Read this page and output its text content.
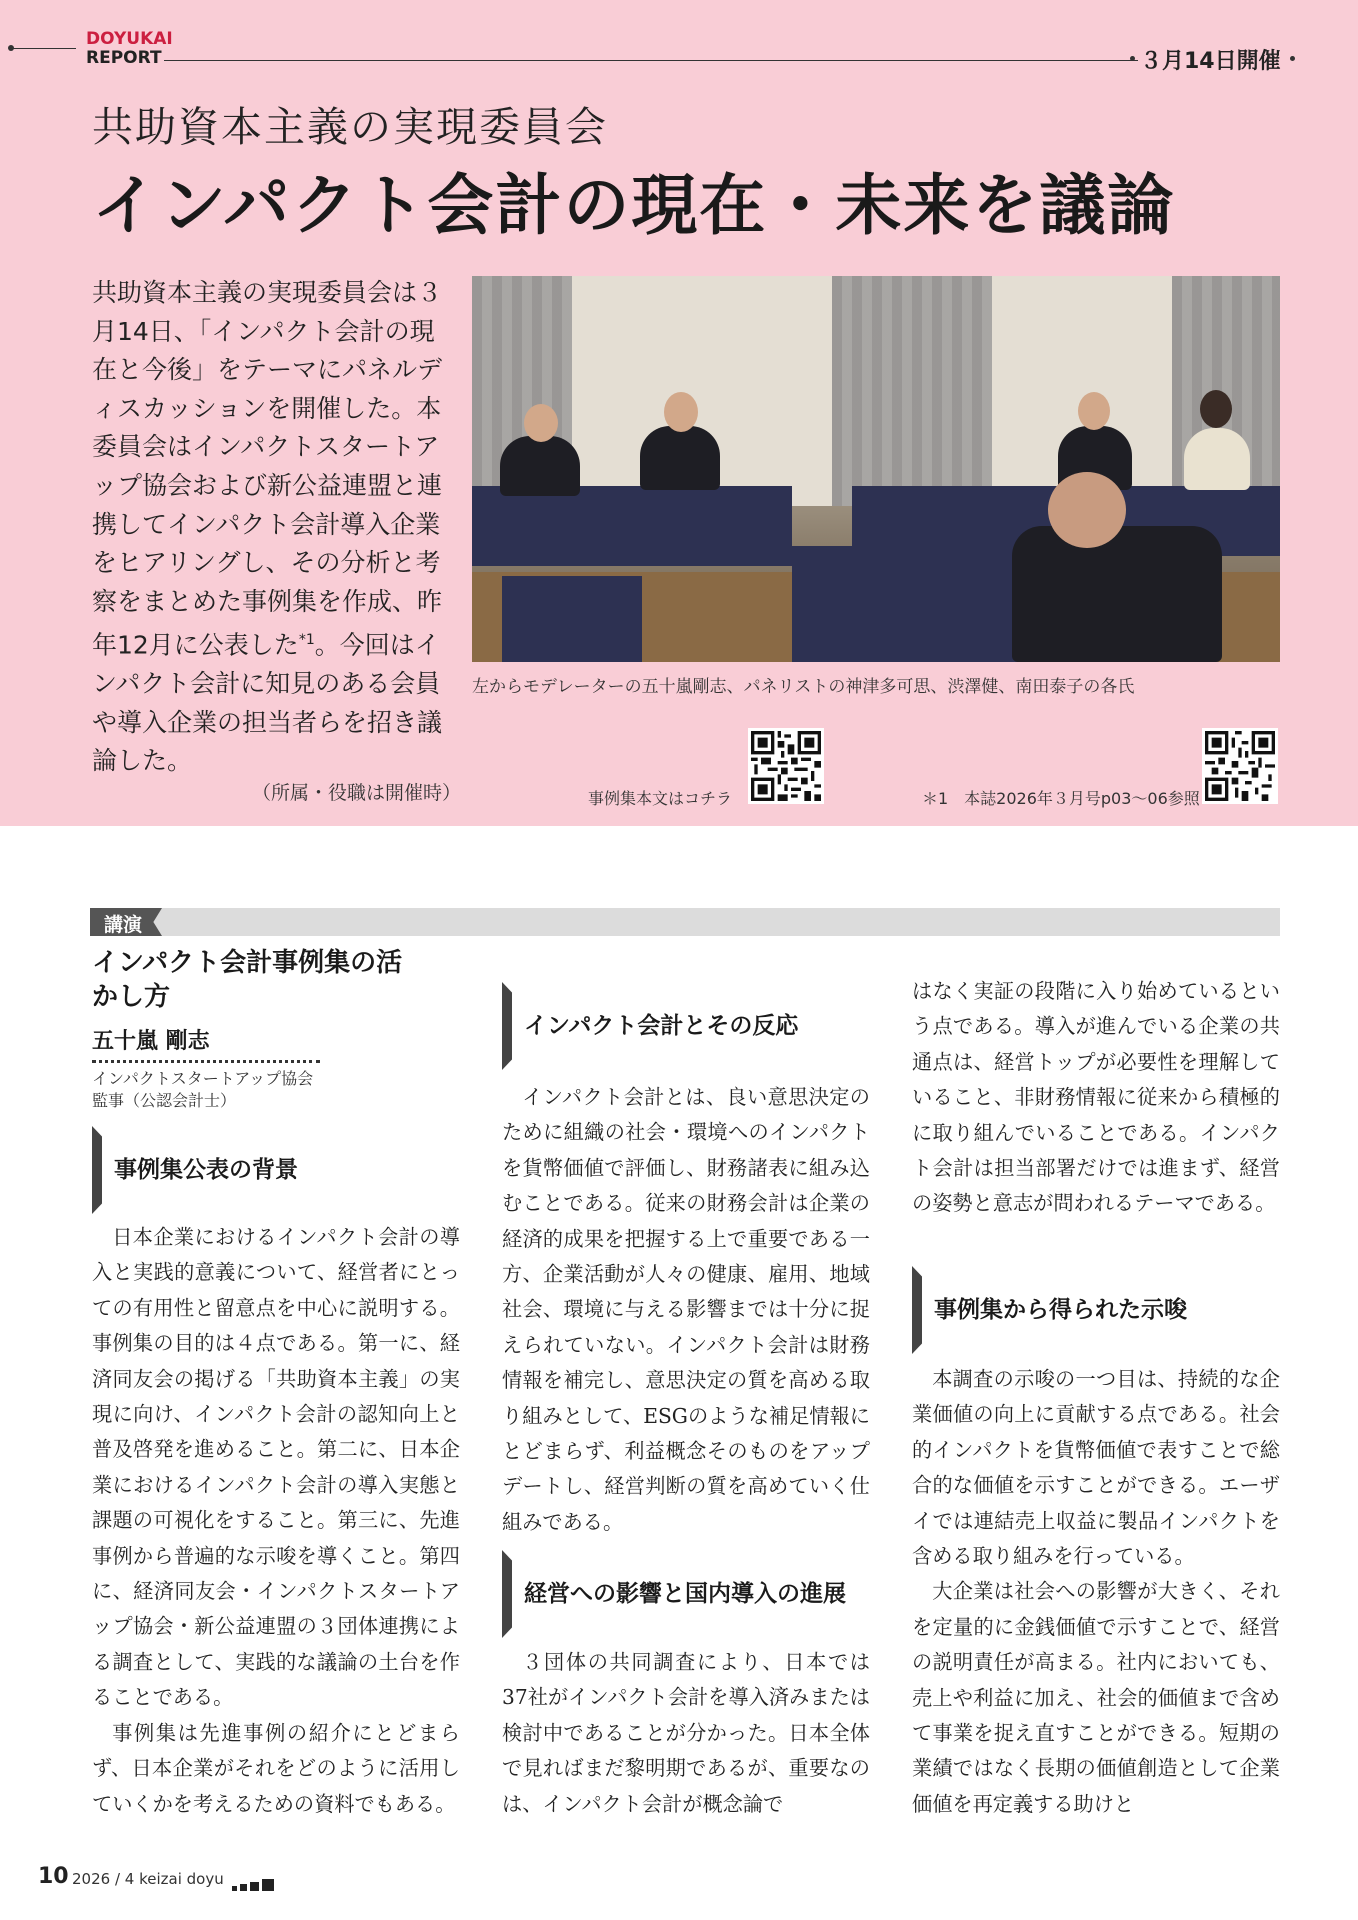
DOYUKAI
REPORT	３月14日開催
共助資本主義の実現委員会
インパクト会計の現在・未来を議論
共助資本主義の実現委員会は３月14日、「インパクト会計の現在と今後」をテーマにパネルディスカッションを開催した。本委員会はインパクトスタートアップ協会および新公益連盟と連携してインパクト会計導入企業をヒアリングし、その分析と考察をまとめた事例集を作成、昨年12月に公表した$^{*1}$。今回はインパクト会計に知見のある会員や導入企業の担当者らを招き議論した。
（所属・役職は開催時）
左からモデレーターの五十嵐剛志、パネリストの神津多可思、渋澤健、南田泰子の各氏
事例集本文はコチラ	＊1　本誌2026年３月号p03〜06参照
講演
インパクト会計事例集の活かし方
五十嵐 剛志
インパクトスタートアップ協会
監事（公認会計士）
事例集公表の背景

日本企業におけるインパクト会計の導入と実践的意義について、経営者にとっての有用性と留意点を中心に説明する。事例集の目的は４点である。第一に、経済同友会の掲げる「共助資本主義」の実現に向け、インパクト会計の認知向上と普及啓発を進めること。第二に、日本企業におけるインパクト会計の導入実態と課題の可視化をすること。第三に、先進事例から普遍的な示唆を導くこと。第四に、経済同友会・インパクトスタートアップ協会・新公益連盟の３団体連携による調査として、実践的な議論の土台を作ることである。

事例集は先進事例の紹介にとどまらず、日本企業がそれをどのように活用していくかを考えるための資料でもある。

インパクト会計とその反応

インパクト会計とは、良い意思決定のために組織の社会・環境へのインパクトを貨幣価値で評価し、財務諸表に組み込むことである。従来の財務会計は企業の経済的成果を把握する上で重要である一方、企業活動が人々の健康、雇用、地域社会、環境に与える影響までは十分に捉えられていない。インパクト会計は財務情報を補完し、意思決定の質を高める取り組みとして、ESGのような補足情報にとどまらず、利益概念そのものをアップデートし、経営判断の質を高めていく仕組みである。

経営への影響と国内導入の進展

３団体の共同調査により、日本では37社がインパクト会計を導入済みまたは検討中であることが分かった。日本全体で見ればまだ黎明期であるが、重要なのは、インパクト会計が概念論で

はなく実証の段階に入り始めているという点である。導入が進んでいる企業の共通点は、経営トップが必要性を理解していること、非財務情報に従来から積極的に取り組んでいることである。インパクト会計は担当部署だけでは進まず、経営の姿勢と意志が問われるテーマである。

事例集から得られた示唆

本調査の示唆の一つ目は、持続的な企業価値の向上に貢献する点である。社会的インパクトを貨幣価値で表すことで総合的な価値を示すことができる。エーザイでは連結売上収益に製品インパクトを含める取り組みを行っている。

大企業は社会への影響が大きく、それを定量的に金銭価値で示すことで、経営の説明責任が高まる。社内においても、売上や利益に加え、社会的価値まで含めて事業を捉え直すことができる。短期の業績ではなく長期の価値創造として企業価値を再定義する助けと

10 2026 / 4 keizai doyu
